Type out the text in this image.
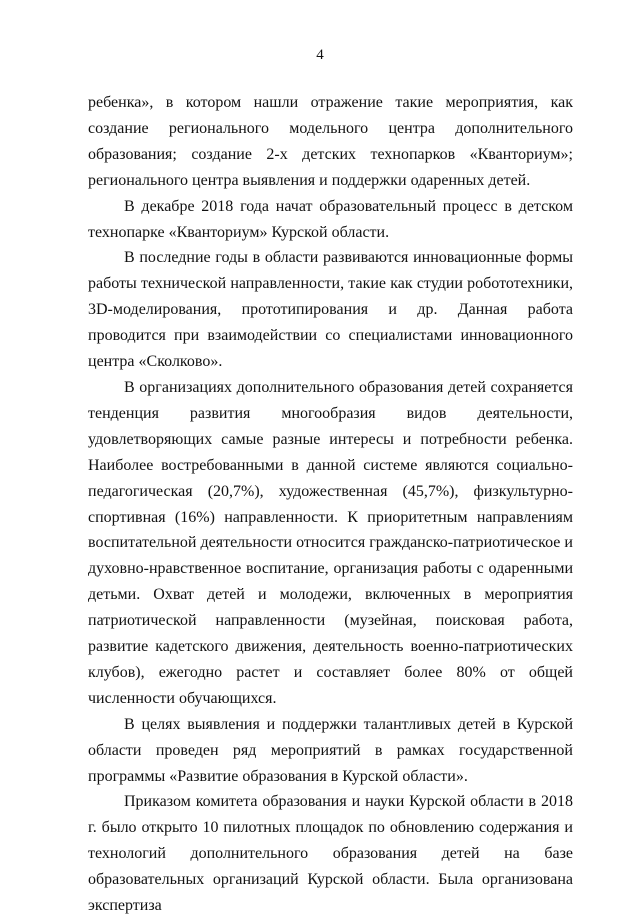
4

ребенка», в котором нашли отражение такие мероприятия, как создание регионального модельного центра дополнительного образования; создание 2-х детских технопарков «Кванториум»; регионального центра выявления и поддержки одаренных детей.

В декабре 2018 года начат образовательный процесс в детском технопарке «Кванториум» Курской области.

В последние годы в области развиваются инновационные формы работы технической направленности, такие как студии робототехники, 3D-моделирования, прототипирования и др. Данная работа проводится при взаимодействии со специалистами инновационного центра «Сколково».

В организациях дополнительного образования детей сохраняется тенденция развития многообразия видов деятельности, удовлетворяющих самые разные интересы и потребности ребенка. Наиболее востребованными в данной системе являются социально-педагогическая (20,7%), художественная (45,7%), физкультурно-спортивная (16%) направленности. К приоритетным направлениям воспитательной деятельности относится гражданско-патриотическое и духовно-нравственное воспитание, организация работы с одаренными детьми. Охват детей и молодежи, включенных в мероприятия патриотической направленности (музейная, поисковая работа, развитие кадетского движения, деятельность военно-патриотических клубов), ежегодно растет и составляет более 80% от общей численности обучающихся.

В целях выявления и поддержки талантливых детей в Курской области проведен ряд мероприятий в рамках государственной программы «Развитие образования в Курской области».

Приказом комитета образования и науки Курской области в 2018 г. было открыто 10 пилотных площадок по обновлению содержания и технологий дополнительного образования детей на базе образовательных организаций Курской области. Была организована экспертиза
